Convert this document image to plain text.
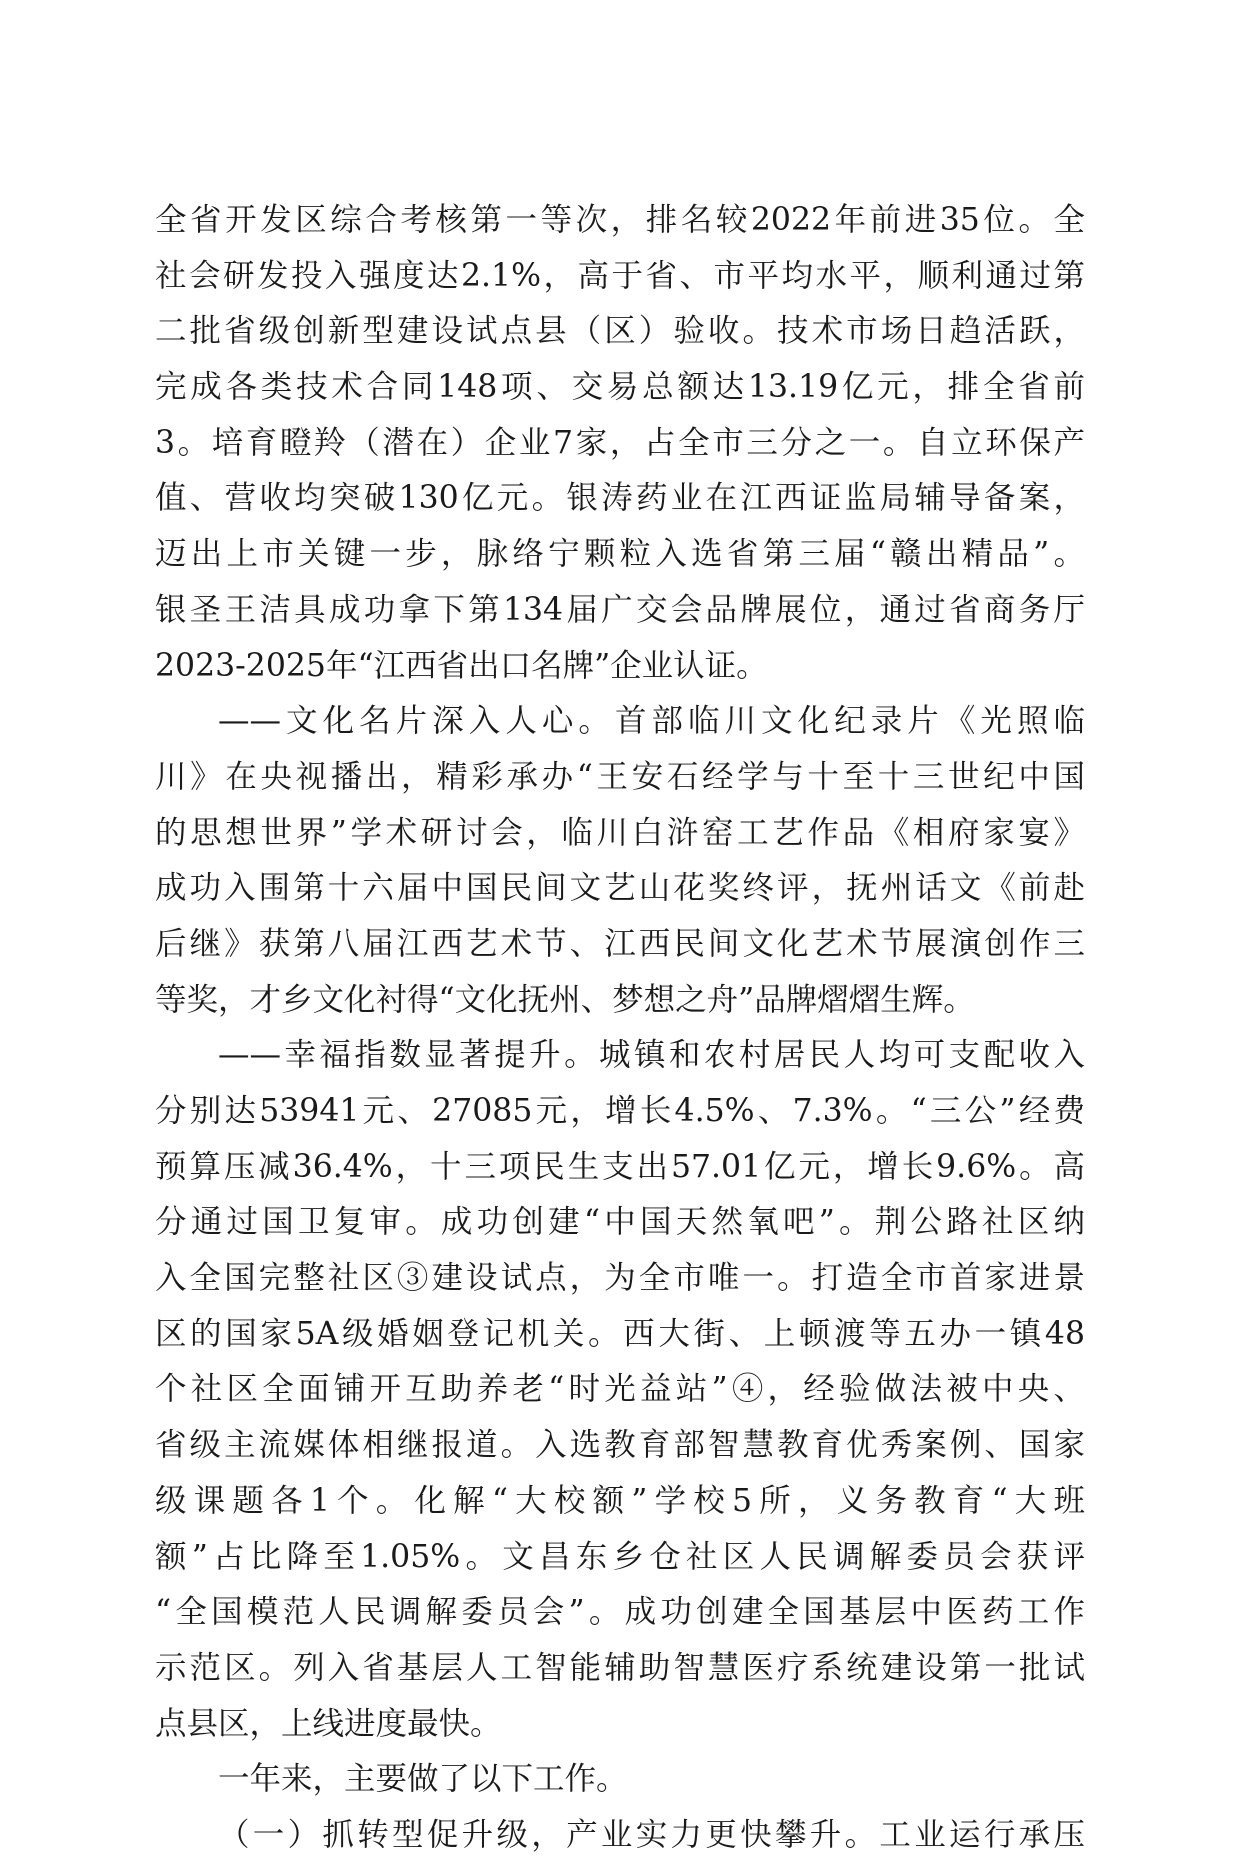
全省开发区综合考核第一等次，排名较2022年前进35位。全
社会研发投入强度达2.1%，高于省、市平均水平，顺利通过第
二批省级创新型建设试点县（区）验收。技术市场日趋活跃，
完成各类技术合同148项、交易总额达13.19亿元，排全省前
3。培育瞪羚（潜在）企业7家，占全市三分之一。自立环保产
值、营收均突破130亿元。银涛药业在江西证监局辅导备案，
迈出上市关键一步，脉络宁颗粒入选省第三届“赣出精品”。
银圣王洁具成功拿下第134届广交会品牌展位，通过省商务厅
2023-2025年“江西省出口名牌”企业认证。
——文化名片深入人心。首部临川文化纪录片《光照临
川》在央视播出，精彩承办“王安石经学与十至十三世纪中国
的思想世界”学术研讨会，临川白浒窑工艺作品《相府家宴》
成功入围第十六届中国民间文艺山花奖终评，抚州话文《前赴
后继》获第八届江西艺术节、江西民间文化艺术节展演创作三
等奖，才乡文化衬得“文化抚州、梦想之舟”品牌熠熠生辉。
——幸福指数显著提升。城镇和农村居民人均可支配收入
分别达53941元、27085元，增长4.5%、7.3%。“三公”经费
预算压减36.4%，十三项民生支出57.01亿元，增长9.6%。高
分通过国卫复审。成功创建“中国天然氧吧”。荆公路社区纳
入全国完整社区③建设试点，为全市唯一。打造全市首家进景
区的国家5A级婚姻登记机关。西大街、上顿渡等五办一镇48
个社区全面铺开互助养老“时光益站”④，经验做法被中央、
省级主流媒体相继报道。入选教育部智慧教育优秀案例、国家
级课题各1个。化解“大校额”学校5所，义务教育“大班
额”占比降至1.05%。文昌东乡仓社区人民调解委员会获评
“全国模范人民调解委员会”。成功创建全国基层中医药工作
示范区。列入省基层人工智能辅助智慧医疗系统建设第一批试
点县区，上线进度最快。
一年来，主要做了以下工作。
（一）抓转型促升级，产业实力更快攀升。工业运行承压
